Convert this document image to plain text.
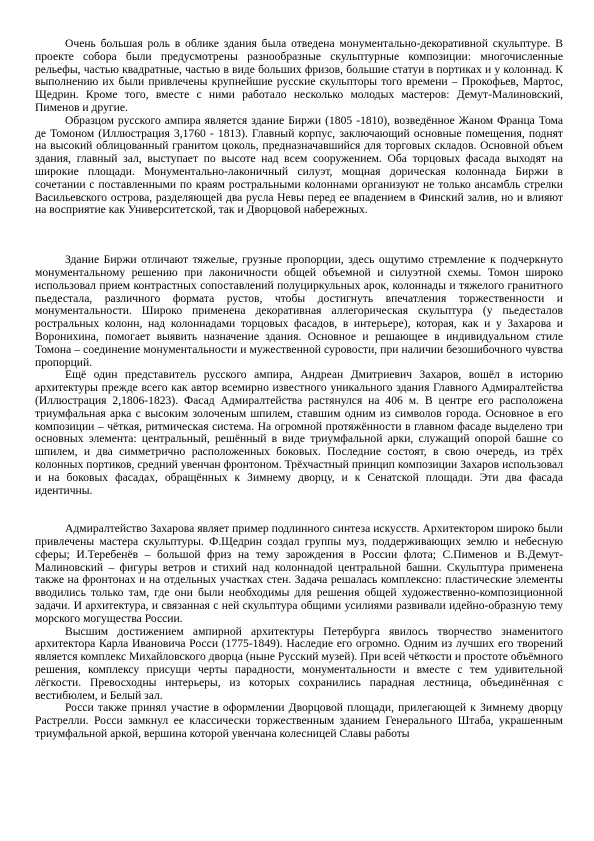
Очень большая роль в облике здания была отведена монументально-декоративной скульптуре. В проекте собора были предусмотрены разнообразные скульптурные композиции: многочисленные рельефы, частью квадратные, частью в виде больших фризов, большие статуи в портиках и у колоннад. К выполнению их были привлечены крупнейшие русские скульпторы того времени – Прокофьев, Мартос, Щедрин. Кроме того, вместе с ними работало несколько молодых мастеров: Демут-Малиновский, Пименов и другие.

Образцом русского ампира является здание Биржи (1805 -1810), возведённое Жаном Франца Тома де Томоном (Иллюстрация 3,1760 - 1813). Главный корпус, заключающий основные помещения, поднят на высокий облицованный гранитом цоколь, предназначавшийся для торговых складов. Основной объем здания, главный зал, выступает по высоте над всем сооружением. Оба торцовых фасада выходят на широкие площади. Монументально-лаконичный силуэт, мощная дорическая колоннада Биржи в сочетании с поставленными по краям ростральными колоннами организуют не только ансамбль стрелки Васильевского острова, разделяющей два русла Невы перед ее впадением в Финский залив, но и влияют на восприятие как Университетской, так и Дворцовой набережных.

Здание Биржи отличают тяжелые, грузные пропорции, здесь ощутимо стремление к подчеркнуто монументальному решению при лаконичности общей объемной и силуэтной схемы. Томон широко использовал прием контрастных сопоставлений полуциркульных арок, колоннады и тяжелого гранитного пьедестала, различного формата рустов, чтобы достигнуть впечатления торжественности и монументальности. Широко применена декоративная аллегорическая скульптура (у пьедесталов ростральных колонн, над колоннадами торцовых фасадов, в интерьере), которая, как и у Захарова и Воронихина, помогает выявить назначение здания. Основное и решающее в индивидуальном стиле Томона – соединение монументальности и мужественной суровости, при наличии безошибочного чувства пропорций.

Ещё один представитель русского ампира, Андреан Дмитриевич Захаров, вошёл в историю архитектуры прежде всего как автор всемирно известного уникального здания Главного Адмиралтейства (Иллюстрация 2,1806-1823). Фасад Адмиралтейства растянулся на 406 м. В центре его расположена триумфальная арка с высоким золоченым шпилем, ставшим одним из символов города. Основное в его композиции – чёткая, ритмическая система. На огромной протяжённости в главном фасаде выделено три основных элемента: центральный, решённый в виде триумфальной арки, служащий опорой башне со шпилем, и два симметрично расположенных боковых. Последние состоят, в свою очередь, из трёх колонных портиков, средний увенчан фронтоном. Трёхчастный принцип композиции Захаров использовал и на боковых фасадах, обращённых к Зимнему дворцу, и к Сенатской площади. Эти два фасада идентичны.

Адмиралтейство Захарова являет пример подлинного синтеза искусств. Архитектором широко были привлечены мастера скульптуры. Ф.Щедрин создал группы муз, поддерживающих землю и небесную сферы; И.Теребенёв – большой фриз на тему зарождения в России флота; С.Пименов и В.Демут-Малиновский – фигуры ветров и стихий над колоннадой центральной башни. Скульптура применена также на фронтонах и на отдельных участках стен. Задача решалась комплексно: пластические элементы вводились только там, где они были необходимы для решения общей художественно-композиционной задачи. И архитектура, и связанная с ней скульптура общими усилиями развивали идейно-образную тему морского могущества России.

Высшим достижением ампирной архитектуры Петербурга явилось творчество знаменитого архитектора Карла Ивановича Росси (1775-1849). Наследие его огромно. Одним из лучших его творений является комплекс Михайловского дворца (ныне Русский музей). При всей чёткости и простоте объёмного решения, комплексу присущи черты парадности, монументальности и вместе с тем удивительной лёгкости. Превосходны интерьеры, из которых сохранились парадная лестница, объединённая с вестибюлем, и Белый зал.

Росси также принял участие в оформлении Дворцовой площади, прилегающей к Зимнему дворцу Растрелли. Росси замкнул ее классически торжественным зданием Генерального Штаба, украшенным триумфальной аркой, вершина которой увенчана колесницей Славы работы
